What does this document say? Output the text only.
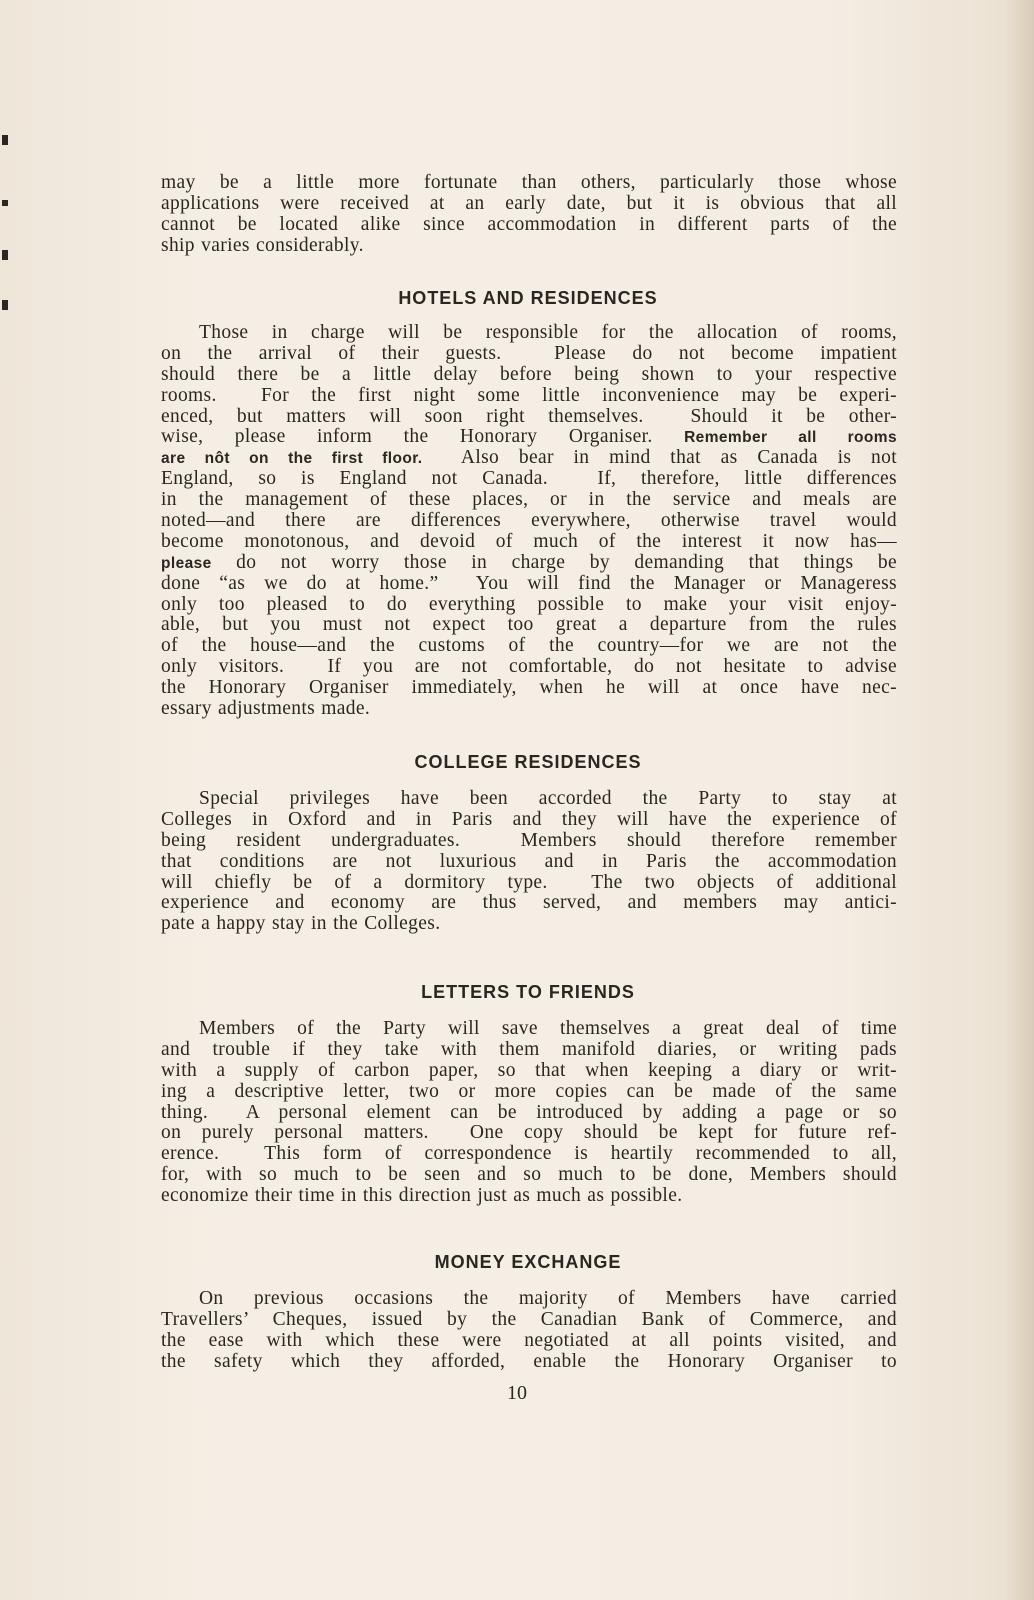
may be a little more fortunate than others, particularly those whose
applications were received at an early date, but it is obvious that all
cannot be located alike since accommodation in different parts of the
ship varies considerably.
HOTELS AND RESIDENCES
Those in charge will be responsible for the allocation of rooms,
on the arrival of their guests.  Please do not become impatient
should there be a little delay before being shown to your respective
rooms.  For the first night some little inconvenience may be experi-
enced, but matters will soon right themselves.  Should it be other-
wise, please inform the Honorary Organiser. Remember all rooms
are nôt on the first floor.  Also bear in mind that as Canada is not
England, so is England not Canada.  If, therefore, little differences
in the management of these places, or in the service and meals are
noted—and there are differences everywhere, otherwise travel would
become monotonous, and devoid of much of the interest it now has—
please do not worry those in charge by demanding that things be
done “as we do at home.”  You will find the Manager or Manageress
only too pleased to do everything possible to make your visit enjoy-
able, but you must not expect too great a departure from the rules
of the house—and the customs of the country—for we are not the
only visitors.  If you are not comfortable, do not hesitate to advise
the Honorary Organiser immediately, when he will at once have nec-
essary adjustments made.
COLLEGE RESIDENCES
Special privileges have been accorded the Party to stay at
Colleges in Oxford and in Paris and they will have the experience of
being resident undergraduates.  Members should therefore remember
that conditions are not luxurious and in Paris the accommodation
will chiefly be of a dormitory type.  The two objects of additional
experience and economy are thus served, and members may antici-
pate a happy stay in the Colleges.
LETTERS TO FRIENDS
Members of the Party will save themselves a great deal of time
and trouble if they take with them manifold diaries, or writing pads
with a supply of carbon paper, so that when keeping a diary or writ-
ing a descriptive letter, two or more copies can be made of the same
thing.  A personal element can be introduced by adding a page or so
on purely personal matters.  One copy should be kept for future ref-
erence.  This form of correspondence is heartily recommended to all,
for, with so much to be seen and so much to be done, Members should
economize their time in this direction just as much as possible.
MONEY EXCHANGE
On previous occasions the majority of Members have carried
Travellers’ Cheques, issued by the Canadian Bank of Commerce, and
the ease with which these were negotiated at all points visited, and
the safety which they afforded, enable the Honorary Organiser to
10
